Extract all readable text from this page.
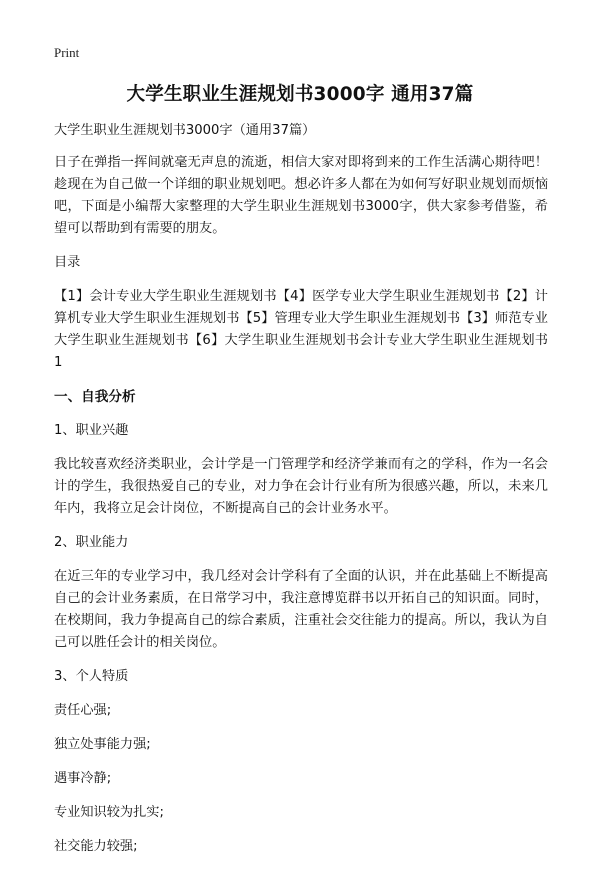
Print
大学生职业生涯规划书3000字 通用37篇

大学生职业生涯规划书3000字（通用37篇）

日子在弹指一挥间就毫无声息的流逝，相信大家对即将到来的工作生活满心期待吧！趁现在为自己做一个详细的职业规划吧。想必许多人都在为如何写好职业规划而烦恼吧，下面是小编帮大家整理的大学生职业生涯规划书3000字，供大家参考借鉴，希望可以帮助到有需要的朋友。

目录

【1】会计专业大学生职业生涯规划书【4】医学专业大学生职业生涯规划书【2】计算机专业大学生职业生涯规划书【5】管理专业大学生职业生涯规划书【3】师范专业大学生职业生涯规划书【6】大学生职业生涯规划书会计专业大学生职业生涯规划书 1

一、自我分析

1、职业兴趣

我比较喜欢经济类职业，会计学是一门管理学和经济学兼而有之的学科，作为一名会计的学生，我很热爱自己的专业，对力争在会计行业有所为很感兴趣，所以，未来几年内，我将立足会计岗位，不断提高自己的会计业务水平。

2、职业能力

在近三年的专业学习中，我几经对会计学科有了全面的认识，并在此基础上不断提高自己的会计业务素质，在日常学习中，我注意博览群书以开拓自己的知识面。同时，在校期间，我力争提高自己的综合素质，注重社会交往能力的提高。所以，我认为自己可以胜任会计的相关岗位。

3、个人特质

责任心强;

独立处事能力强;

遇事冷静;

专业知识较为扎实;

社交能力较强;
